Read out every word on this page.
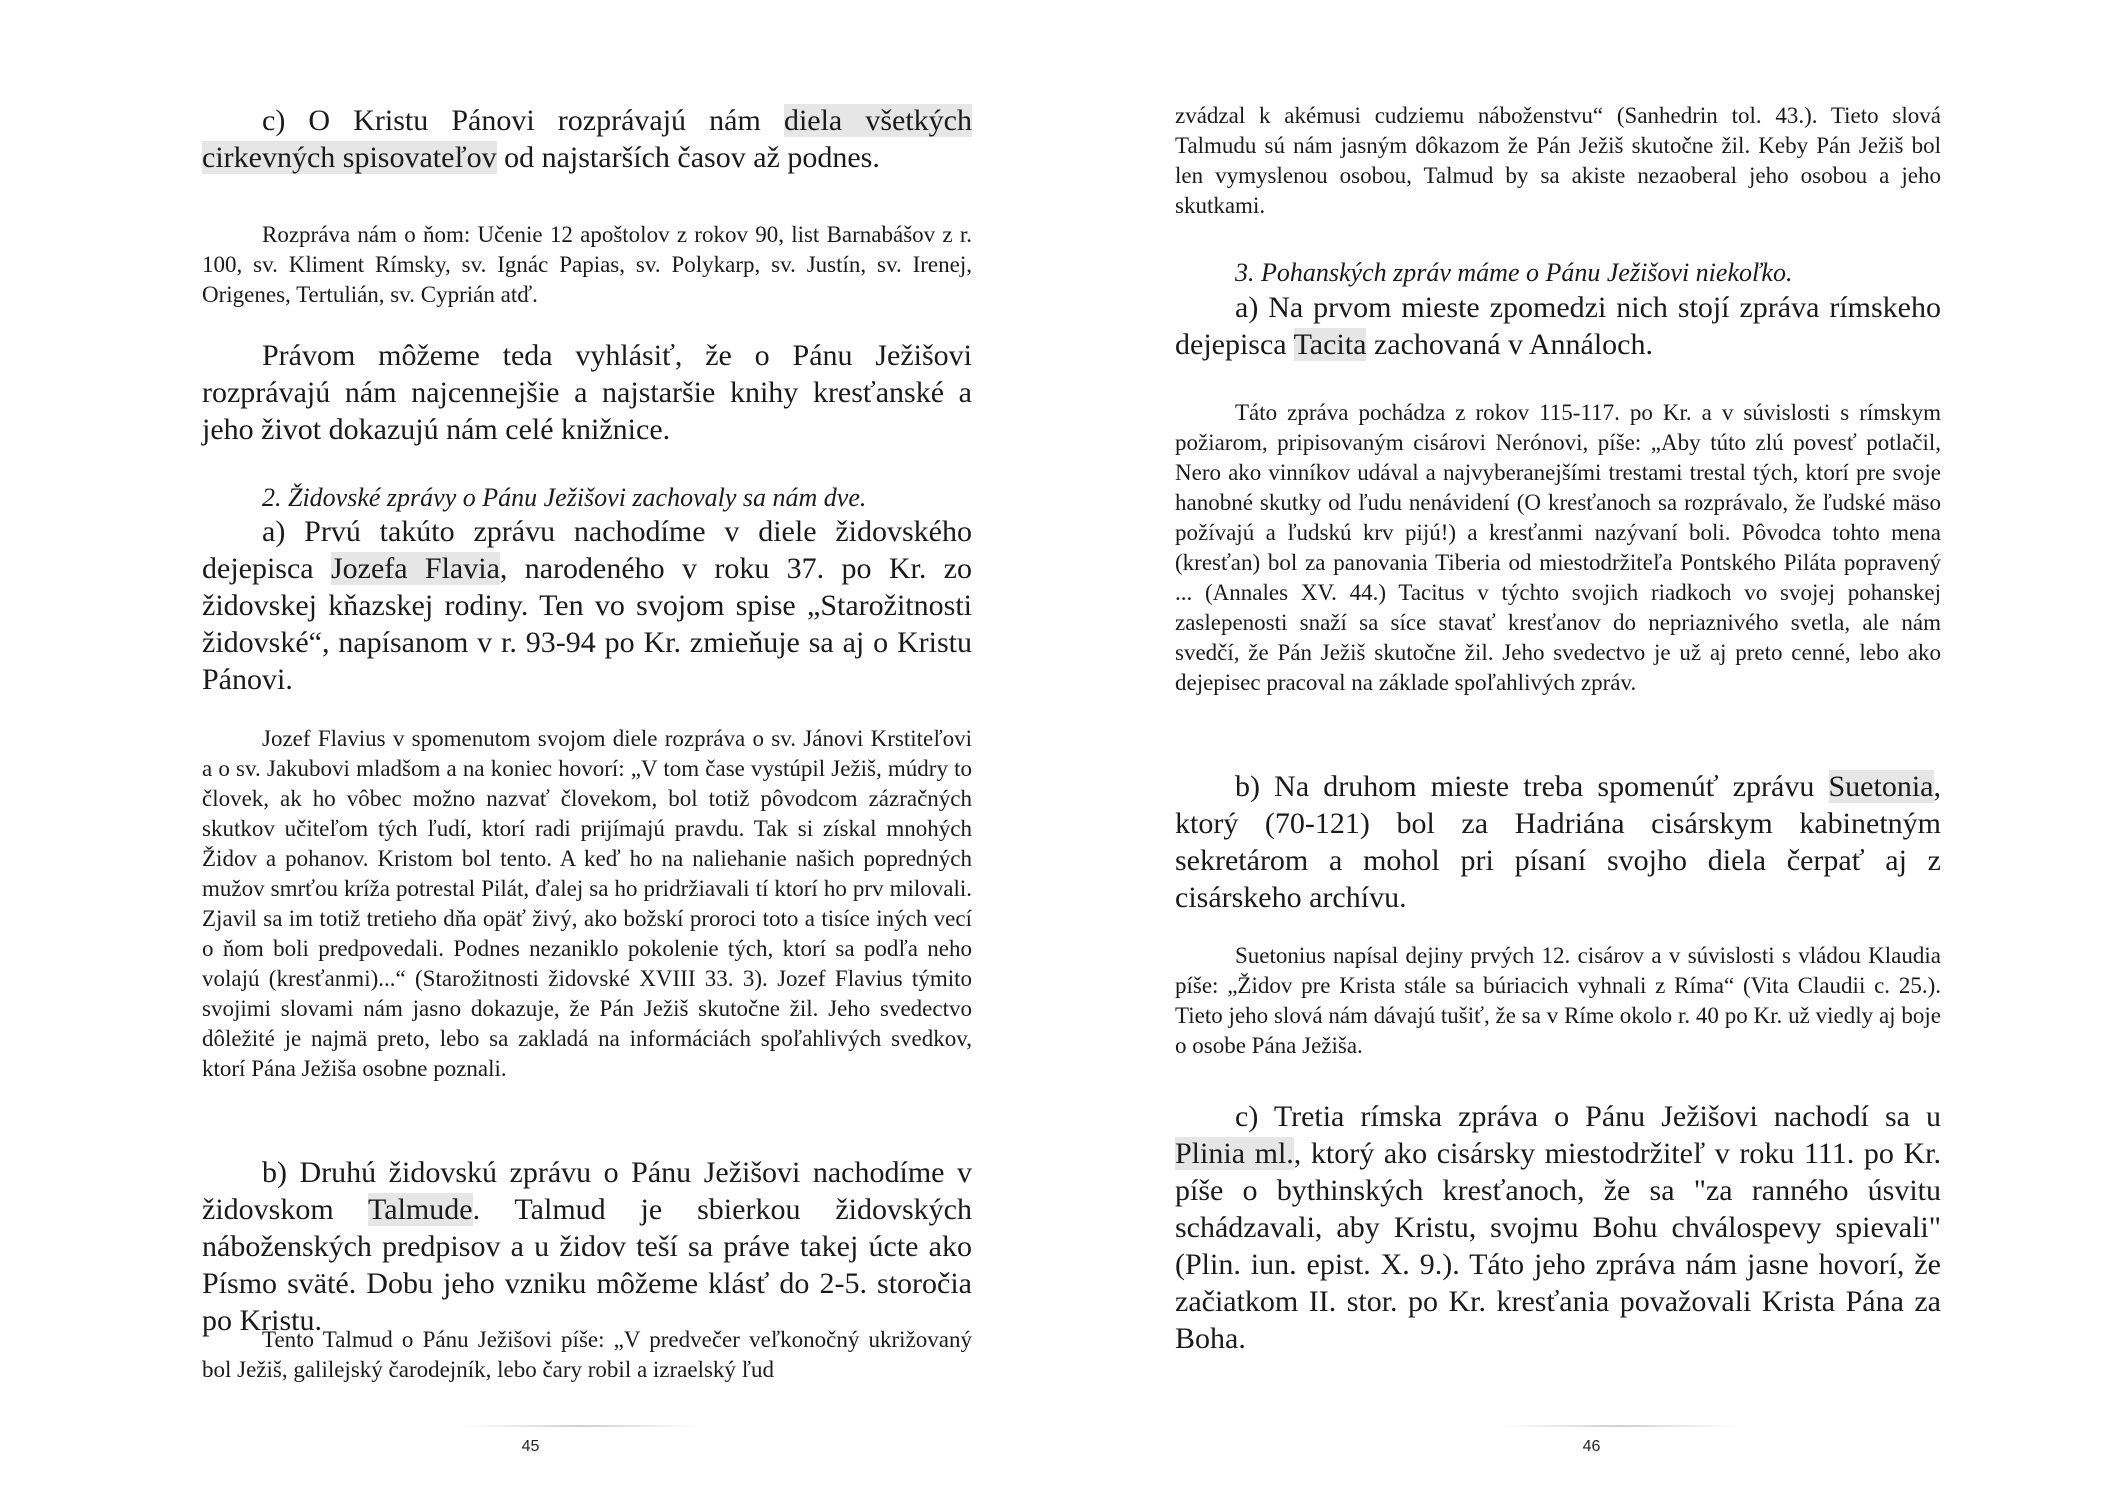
c) O Kristu Pánovi rozprávajú nám diela všetkých cirkevných spisovateľov od najstarších časov až podnes.

Rozpráva nám o ňom: Učenie 12 apoštolov z rokov 90, list Barnabášov z r. 100, sv. Kliment Rímsky, sv. Ignác Papias, sv. Polykarp, sv. Justín, sv. Irenej, Origenes, Tertulián, sv. Cyprián atď.

Právom môžeme teda vyhlásiť, že o Pánu Ježišovi rozprávajú nám najcennejšie a najstaršie knihy kresťanské a jeho život dokazujú nám celé knižnice.

2. Židovské zprávy o Pánu Ježišovi zachovaly sa nám dve.

a) Prvú takúto zprávu nachodíme v diele židovského dejepisca Jozefa Flavia, narodeného v roku 37. po Kr. zo židovskej kňazskej rodiny. Ten vo svojom spise „Starožitnosti židovské“, napísanom v r. 93-94 po Kr. zmieňuje sa aj o Kristu Pánovi.

Jozef Flavius v spomenutom svojom diele rozpráva o sv. Jánovi Krstiteľovi a o sv. Jakubovi mladšom a na koniec hovorí: „V tom čase vystúpil Ježiš, múdry to človek, ak ho vôbec možno nazvať človekom, bol totiž pôvodcom zázračných skutkov učiteľom tých ľudí, ktorí radi prijímajú pravdu. Tak si získal mnohých Židov a pohanov. Kristom bol tento. A keď ho na naliehanie našich popredných mužov smrťou kríža potrestal Pilát, ďalej sa ho pridržiavali tí ktorí ho prv milovali. Zjavil sa im totiž tretieho dňa opäť živý, ako božskí proroci toto a tisíce iných vecí o ňom boli predpovedali. Podnes nezaniklo pokolenie tých, ktorí sa podľa neho volajú (kresťanmi)...“ (Starožitnosti židovské XVIII 33. 3). Jozef Flavius týmito svojimi slovami nám jasno dokazuje, že Pán Ježiš skutočne žil. Jeho svedectvo dôležité je najmä preto, lebo sa zakladá na informáciách spoľahlivých svedkov, ktorí Pána Ježiša osobne poznali.

b) Druhú židovskú zprávu o Pánu Ježišovi nachodíme v židovskom Talmude. Talmud je sbierkou židovských náboženských predpisov a u židov teší sa práve takej úcte ako Písmo sväté. Dobu jeho vzniku môžeme klásť do 2-5. storočia po Kristu.

Tento Talmud o Pánu Ježišovi píše: „V predvečer veľkonočný ukrižovaný bol Ježiš, galilejský čarodejník, lebo čary robil a izraelský ľud

45

zvádzal k akémusi cudziemu náboženstvu“ (Sanhedrin tol. 43.). Tieto slová Talmudu sú nám jasným dôkazom že Pán Ježiš skutočne žil. Keby Pán Ježiš bol len vymyslenou osobou, Talmud by sa akiste nezaoberal jeho osobou a jeho skutkami.

3. Pohanských zpráv máme o Pánu Ježišovi niekoľko.

a) Na prvom mieste zpomedzi nich stojí zpráva rímskeho dejepisca Tacita zachovaná v Annáloch.

Táto zpráva pochádza z rokov 115-117. po Kr. a v súvislosti s rímskym požiarom, pripisovaným cisárovi Nerónovi, píše: „Aby túto zlú povesť potlačil, Nero ako vinníkov udával a najvyberanejšími trestami trestal tých, ktorí pre svoje hanobné skutky od ľudu nenávidení (O kresťanoch sa rozprávalo, že ľudské mäso požívajú a ľudskú krv pijú!) a kresťanmi nazývaní boli. Pôvodca tohto mena (kresťan) bol za panovania Tiberia od miestodržiteľa Pontského Piláta popravený ... (Annales XV. 44.) Tacitus v týchto svojich riadkoch vo svojej pohanskej zaslepenosti snaží sa síce stavať kresťanov do nepriaznivého svetla, ale nám svedčí, že Pán Ježiš skutočne žil. Jeho svedectvo je už aj preto cenné, lebo ako dejepisec pracoval na základe spoľahlivých zpráv.

b) Na druhom mieste treba spomenúť zprávu Suetonia, ktorý (70-121) bol za Hadriána cisárskym kabinetným sekretárom a mohol pri písaní svojho diela čerpať aj z cisárskeho archívu.

Suetonius napísal dejiny prvých 12. cisárov a v súvislosti s vládou Klaudia píše: „Židov pre Krista stále sa búriacich vyhnali z Ríma“ (Vita Claudii c. 25.). Tieto jeho slová nám dávajú tušiť, že sa v Ríme okolo r. 40 po Kr. už viedly aj boje o osobe Pána Ježiša.

c) Tretia rímska zpráva o Pánu Ježišovi nachodí sa u Plinia ml., ktorý ako cisársky miestodržiteľ v roku 111. po Kr. píše o bythinských kresťanoch, že sa "za ranného úsvitu schádzavali, aby Kristu, svojmu Bohu chválospevy spievali" (Plin. iun. epist. X. 9.). Táto jeho zpráva nám jasne hovorí, že začiatkom II. stor. po Kr. kresťania považovali Krista Pána za Boha.

46
